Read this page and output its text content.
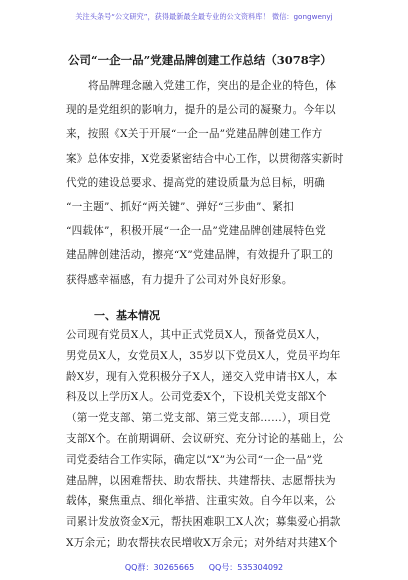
关注头条号“公文研究”，获得最新最全最专业的公文资料库！ 微信：gongwenyj
公司“一企一品”党建品牌创建工作总结（3078字）
将品牌理念融入党建工作，突出的是企业的特色，体
现的是党组织的影响力，提升的是公司的凝聚力。今年以
来，按照《X关于开展“一企一品”党建品牌创建工作方
案》总体安排，X党委紧密结合中心工作，以贯彻落实新时
代党的建设总要求、提高党的建设质量为总目标，明确
“一主题”、抓好“两关键”、弹好“三步曲”、紧扣
“四载体”，积极开展“一企一品”党建品牌创建展特色党
建品牌创建活动，擦亮“X”党建品牌，有效提升了职工的
获得感幸福感，有力提升了公司对外良好形象。
一、基本情况
公司现有党员X人，其中正式党员X人，预备党员X人，
男党员X人，女党员X人，35岁以下党员X人，党员平均年
龄X岁，现有入党积极分子X人，递交入党申请书X人，本
科及以上学历X人。公司党委X个，下设机关党支部X个
（第一党支部、第二党支部、第三党支部……），项目党
支部X个。在前期调研、会议研究、充分讨论的基础上，公
司党委结合工作实际，确定以“X”为公司“一企一品”党
建品牌，以困难帮扶、助农帮扶、共建帮扶、志愿帮扶为
载体，聚焦重点、细化举措、注重实效。自今年以来，公
司累计发放资金X元，帮扶困难职工X人次；募集爱心捐款
X万余元；助农帮扶农民增收X万余元；对外结对共建X个
QQ群：30265665 QQ号：535304092
